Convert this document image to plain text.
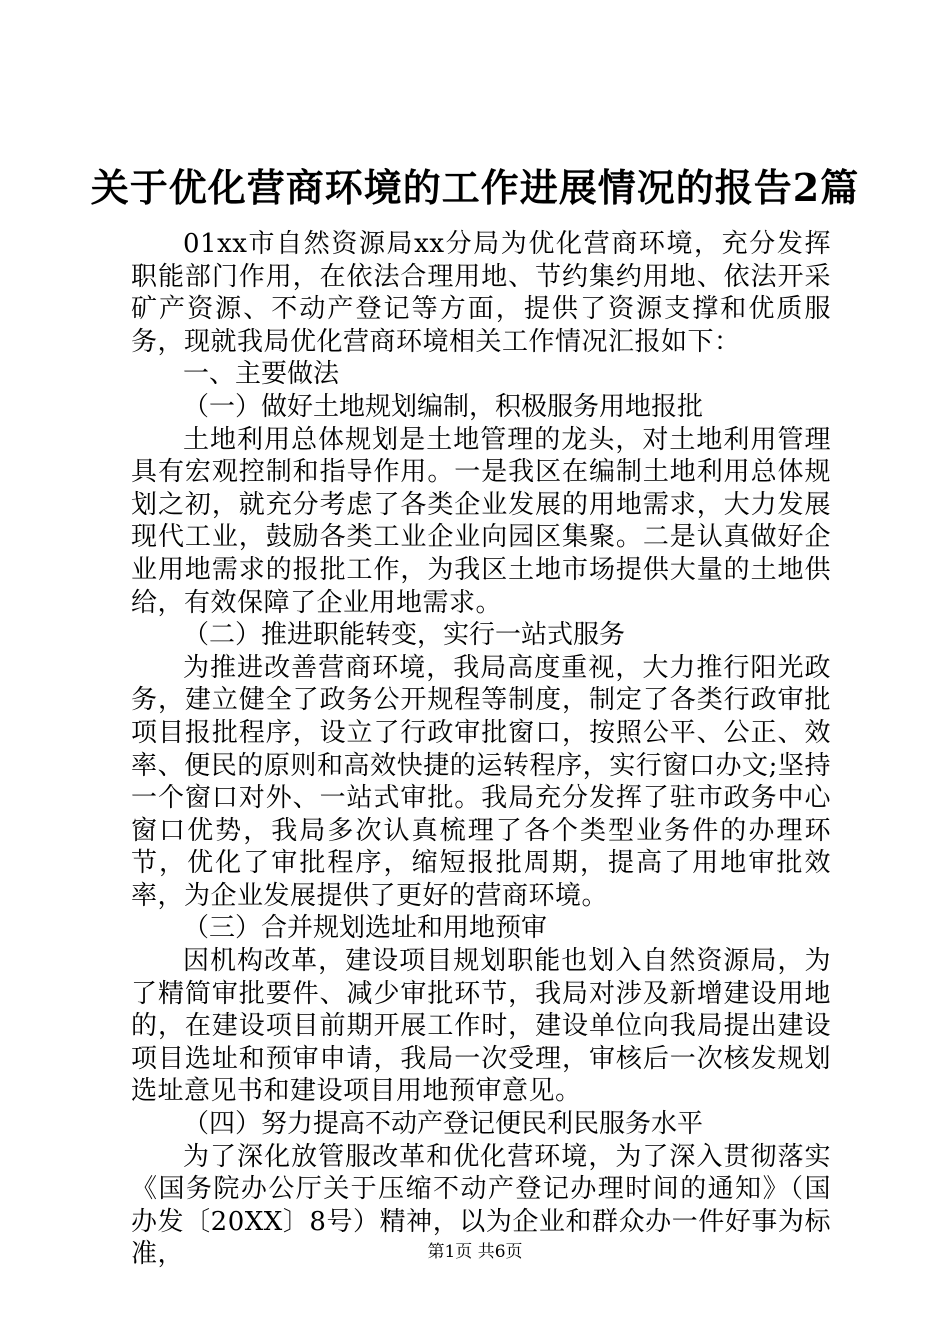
关于优化营商环境的工作进展情况的报告2篇

01xx市自然资源局xx分局为优化营商环境，充分发挥职能部门作用，在依法合理用地、节约集约用地、依法开采矿产资源、不动产登记等方面，提供了资源支撑和优质服务，现就我局优化营商环境相关工作情况汇报如下：

一、主要做法

（一）做好土地规划编制，积极服务用地报批

土地利用总体规划是土地管理的龙头，对土地利用管理具有宏观控制和指导作用。一是我区在编制土地利用总体规划之初，就充分考虑了各类企业发展的用地需求，大力发展现代工业，鼓励各类工业企业向园区集聚。二是认真做好企业用地需求的报批工作，为我区土地市场提供大量的土地供给，有效保障了企业用地需求。

（二）推进职能转变，实行一站式服务

为推进改善营商环境，我局高度重视，大力推行阳光政务，建立健全了政务公开规程等制度，制定了各类行政审批项目报批程序，设立了行政审批窗口，按照公平、公正、效率、便民的原则和高效快捷的运转程序，实行窗口办文;坚持一个窗口对外、一站式审批。我局充分发挥了驻市政务中心窗口优势，我局多次认真梳理了各个类型业务件的办理环节，优化了审批程序，缩短报批周期，提高了用地审批效率，为企业发展提供了更好的营商环境。

（三）合并规划选址和用地预审

因机构改革，建设项目规划职能也划入自然资源局，为了精简审批要件、减少审批环节，我局对涉及新增建设用地的，在建设项目前期开展工作时，建设单位向我局提出建设项目选址和预审申请，我局一次受理，审核后一次核发规划选址意见书和建设项目用地预审意见。

（四）努力提高不动产登记便民利民服务水平

为了深化放管服改革和优化营环境，为了深入贯彻落实《国务院办公厅关于压缩不动产登记办理时间的通知》（国办发〔20XX〕8号）精神，以为企业和群众办一件好事为标准，	第1页 共6页
